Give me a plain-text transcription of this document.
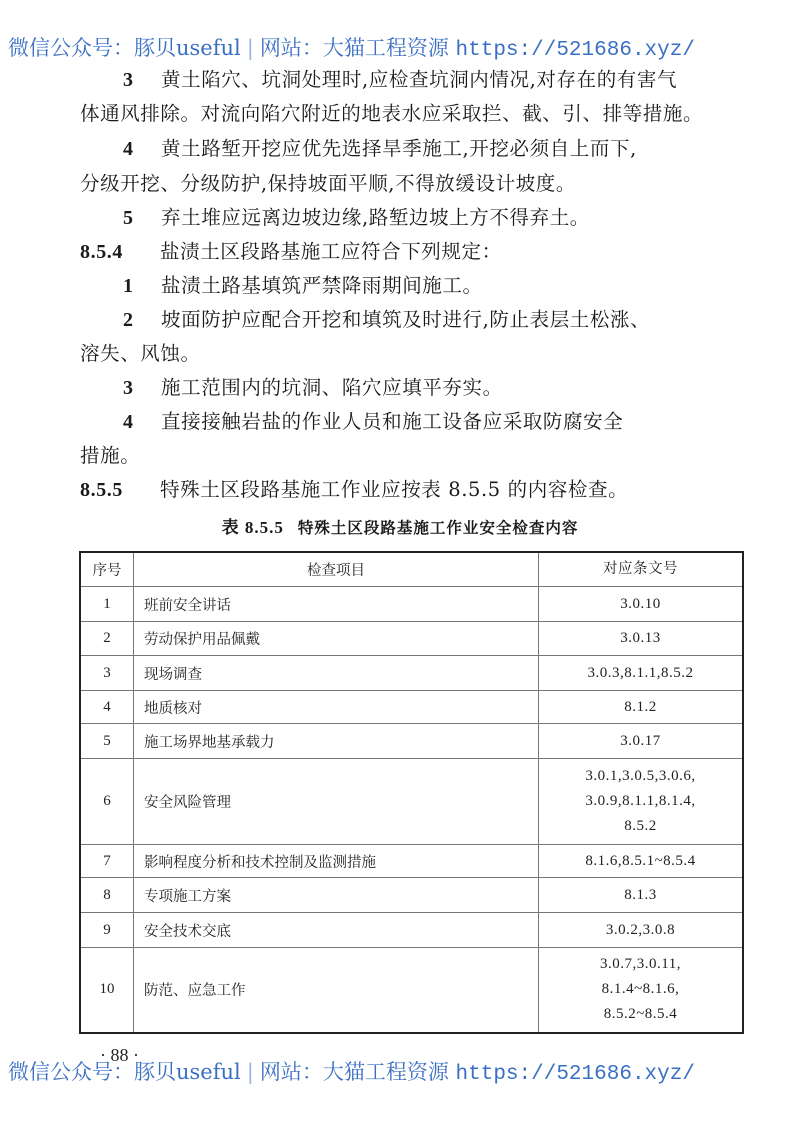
微信公众号：豚贝useful | 网站：大猫工程资源 https://521686.xyz/
3 黄土陷穴、坑洞处理时,应检查坑洞内情况,对存在的有害气
体通风排除。对流向陷穴附近的地表水应采取拦、截、引、排等措施。
4 黄土路堑开挖应优先选择旱季施工,开挖必须自上而下,
分级开挖、分级防护,保持坡面平顺,不得放缓设计坡度。
5 弃土堆应远离边坡边缘,路堑边坡上方不得弃土。
8.5.4 盐渍土区段路基施工应符合下列规定：
1 盐渍土路基填筑严禁降雨期间施工。
2 坡面防护应配合开挖和填筑及时进行,防止表层土松涨、
溶失、风蚀。
3 施工范围内的坑洞、陷穴应填平夯实。
4 直接接触岩盐的作业人员和施工设备应采取防腐安全
措施。
8.5.5 特殊土区段路基施工作业应按表 8.5.5 的内容检查。
表 8.5.5 特殊土区段路基施工作业安全检查内容
序号	检查项目	对应条文号
1	班前安全讲话	3.0.10
2	劳动保护用品佩戴	3.0.13
3	现场调查	3.0.3,8.1.1,8.5.2
4	地质核对	8.1.2
5	施工场界地基承载力	3.0.17
6	安全风险管理	3.0.1,3.0.5,3.0.6,
3.0.9,8.1.1,8.1.4,
8.5.2

7	影响程度分析和技术控制及监测措施	8.1.6,8.5.1~8.5.4
8	专项施工方案	8.1.3
9	安全技术交底	3.0.2,3.0.8
10	防范、应急工作	3.0.7,3.0.11,
8.1.4~8.1.6,
8.5.2~8.5.4
· 88 ·
微信公众号：豚贝useful | 网站：大猫工程资源 https://521686.xyz/
